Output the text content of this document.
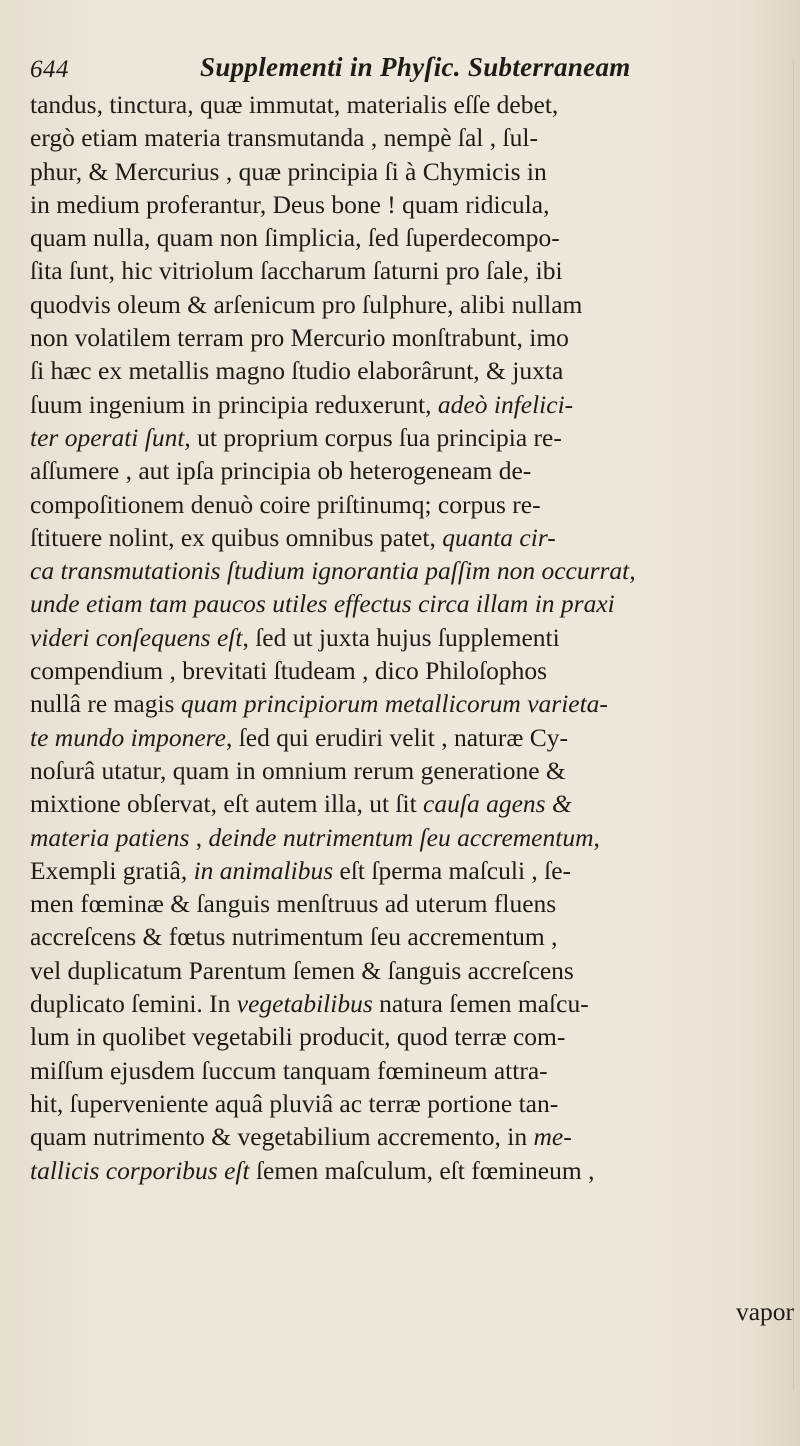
644	Supplementi in Phyſic. Subterraneam
tandus, tinctura, quæ immutat, materialis eſſe debet,
ergò etiam materia transmutanda , nempè ſal , ſul-
phur, & Mercurius , quæ principia ſi à Chymicis in
in medium proferantur, Deus bone ! quam ridicula,
quam nulla, quam non ſimplicia, ſed ſuperdecompo-
ſita ſunt, hic vitriolum ſaccharum ſaturni pro ſale, ibi
quodvis oleum & arſenicum pro ſulphure, alibi nullam
non volatilem terram pro Mercurio monſtrabunt, imo
ſi hæc ex metallis magno ſtudio elaborârunt, & juxta
ſuum ingenium in principia reduxerunt, adeò infelici-
ter operati ſunt, ut proprium corpus ſua principia re-
aſſumere , aut ipſa principia ob heterogeneam de-
compoſitionem denuò coire priſtinumq; corpus re-
ſtituere nolint, ex quibus omnibus patet, quanta cir-
ca transmutationis ſtudium ignorantia paſſim non occurrat,
unde etiam tam paucos utiles effectus circa illam in praxi
videri conſequens eſt, ſed ut juxta hujus ſupplementi
compendium , brevitati ſtudeam , dico Philoſophos
nullâ re magis quam principiorum metallicorum varieta-
te mundo imponere, ſed qui erudiri velit , naturæ Cy-
noſurâ utatur, quam in omnium rerum generatione &
mixtione obſervat, eſt autem illa, ut ſit cauſa agens &
materia patiens , deinde nutrimentum ſeu accrementum,
Exempli gratiâ, in animalibus eſt ſperma maſculi , ſe-
men fœminæ & ſanguis menſtruus ad uterum fluens
accreſcens & fœtus nutrimentum ſeu accrementum ,
vel duplicatum Parentum ſemen & ſanguis accreſcens
duplicato ſemini. In vegetabilibus natura ſemen maſcu-
lum in quolibet vegetabili producit, quod terræ com-
miſſum ejusdem ſuccum tanquam fœmineum attra-
hit, ſuperveniente aquâ pluviâ ac terræ portione tan-
quam nutrimento & vegetabilium accremento, in me-
tallicis corporibus eſt ſemen maſculum, eſt fœmineum ,
vapor
